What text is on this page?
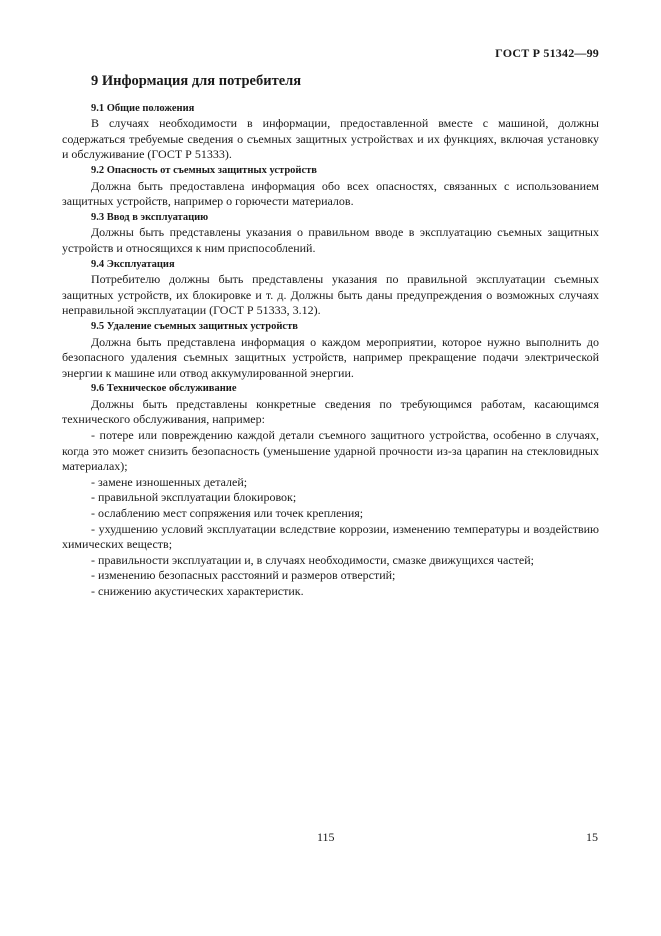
ГОСТ Р 51342—99
9 Информация для потребителя
9.1 Общие положения

В случаях необходимости в информации, предоставленной вместе с машиной, должны содержаться требуемые сведения о съемных защитных устройствах и их функциях, включая установку и обслуживание (ГОСТ Р 51333).

9.2 Опасность от съемных защитных устройств

Должна быть предоставлена информация обо всех опасностях, связанных с использованием защитных устройств, например о горючести материалов.

9.3 Ввод в эксплуатацию

Должны быть представлены указания о правильном вводе в эксплуатацию съемных защитных устройств и относящихся к ним приспособлений.

9.4 Эксплуатация

Потребителю должны быть представлены указания по правильной эксплуатации съемных защитных устройств, их блокировке и т. д. Должны быть даны предупреждения о возможных случаях неправильной эксплуатации (ГОСТ Р 51333, 3.12).

9.5 Удаление съемных защитных устройств

Должна быть представлена информация о каждом мероприятии, которое нужно выполнить до безопасного удаления съемных защитных устройств, например прекращение подачи электрической энергии к машине или отвод аккумулированной энергии.

9.6 Техническое обслуживание

Должны быть представлены конкретные сведения по требующимся работам, касающимся технического обслуживания, например:

- потере или повреждению каждой детали съемного защитного устройства, особенно в случаях, когда это может снизить безопасность (уменьшение ударной прочности из-за царапин на стекловидных материалах);
- замене изношенных деталей;
- правильной эксплуатации блокировок;
- ослаблению мест сопряжения или точек крепления;
- ухудшению условий эксплуатации вследствие коррозии, изменению температуры и воздействию химических веществ;
- правильности эксплуатации и, в случаях необходимости, смазке движущихся частей;
- изменению безопасных расстояний и размеров отверстий;
- снижению акустических характеристик.
115	15
